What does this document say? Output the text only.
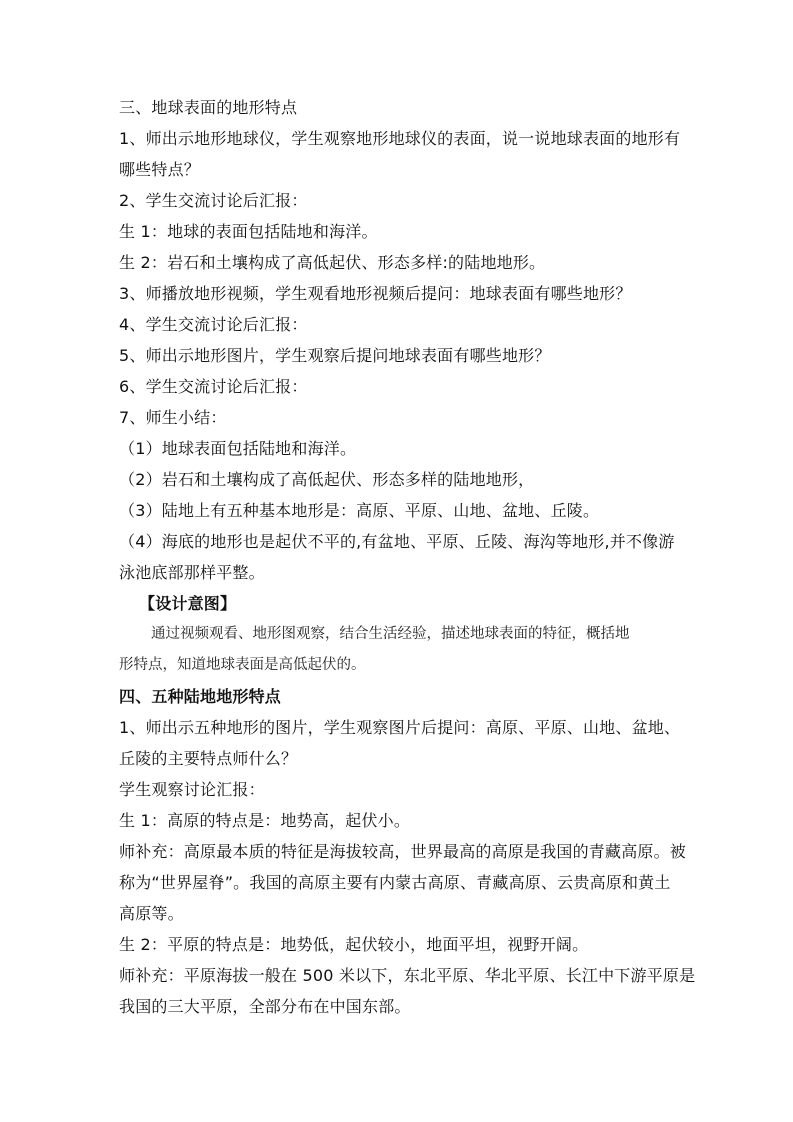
三、地球表面的地形特点
1、师出示地形地球仪，学生观察地形地球仪的表面，说一说地球表面的地形有
哪些特点？
2、学生交流讨论后汇报：
生 1：地球的表面包括陆地和海洋。
生 2：岩石和土壤构成了高低起伏、形态多样:的陆地地形。
3、师播放地形视频，学生观看地形视频后提问：地球表面有哪些地形？
4、学生交流讨论后汇报：
5、师出示地形图片，学生观察后提问地球表面有哪些地形？
6、学生交流讨论后汇报：
7、师生小结：
（1）地球表面包括陆地和海洋。
（2）岩石和土壤构成了高低起伏、形态多样的陆地地形，
（3）陆地上有五种基本地形是：高原、平原、山地、盆地、丘陵。
（4）海底的地形也是起伏不平的,有盆地、平原、丘陵、海沟等地形,并不像游
泳池底部那样平整。
【设计意图】
通过视频观看、地形图观察，结合生活经验，描述地球表面的特征，概括地
形特点，知道地球表面是高低起伏的。
四、五种陆地地形特点
1、师出示五种地形的图片，学生观察图片后提问：高原、平原、山地、盆地、
丘陵的主要特点师什么？
学生观察讨论汇报：
生 1：高原的特点是：地势高，起伏小。
师补充：高原最本质的特征是海拔较高，世界最高的高原是我国的青藏高原。被
称为“世界屋脊”。我国的高原主要有内蒙古高原、青藏高原、云贵高原和黄土
高原等。
生 2：平原的特点是：地势低，起伏较小，地面平坦，视野开阔。
师补充：平原海拔一般在 500 米以下，东北平原、华北平原、长江中下游平原是
我国的三大平原，全部分布在中国东部。
